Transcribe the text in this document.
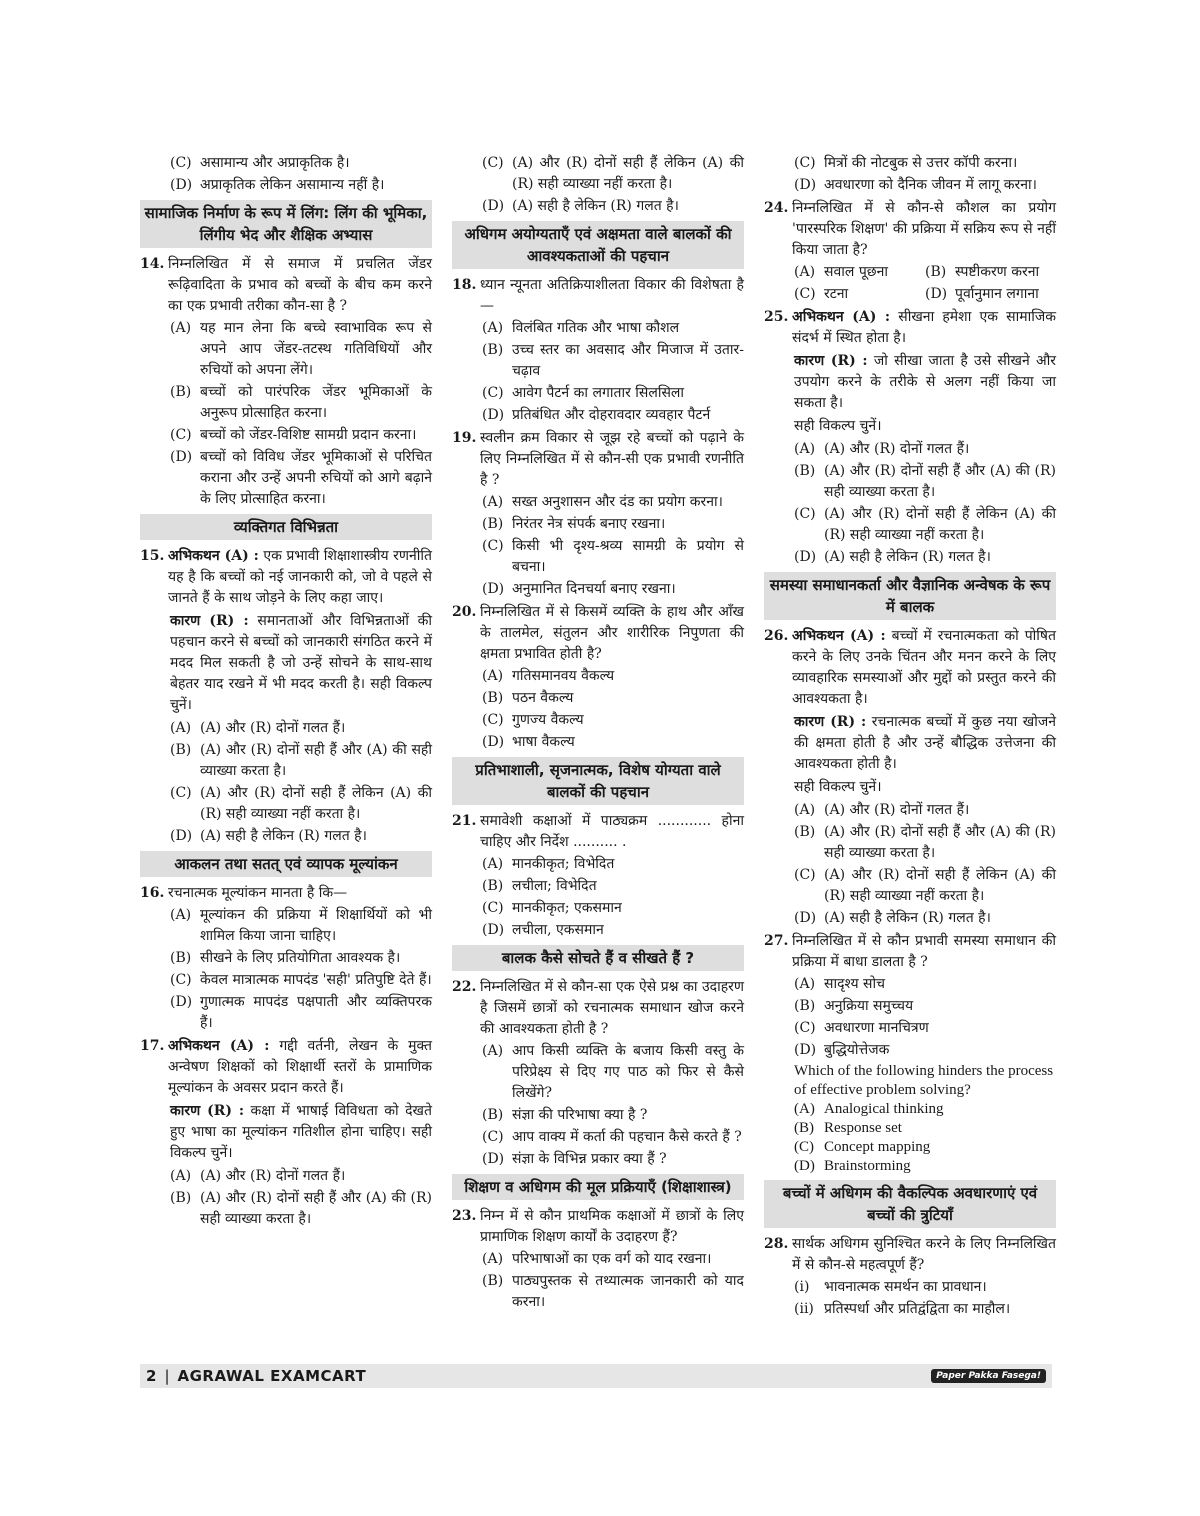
(C) असामान्य और अप्राकृतिक है।
(D) अप्राकृतिक लेकिन असामान्य नहीं है।
सामाजिक निर्माण के रूप में लिंग: लिंग की भूमिका, लिंगीय भेद और शैक्षिक अभ्यास
14. निम्नलिखित में से समाज में प्रचलित जेंडर रूढ़िवादिता के प्रभाव को बच्चों के बीच कम करने का एक प्रभावी तरीका कौन-सा है ?
(A) यह मान लेना कि बच्चे स्वाभाविक रूप से अपने आप जेंडर-तटस्थ गतिविधियों और रुचियों को अपना लेंगे।
(B) बच्चों को पारंपरिक जेंडर भूमिकाओं के अनुरूप प्रोत्साहित करना।
(C) बच्चों को जेंडर-विशिष्ट सामग्री प्रदान करना।
(D) बच्चों को विविध जेंडर भूमिकाओं से परिचित कराना और उन्हें अपनी रुचियों को आगे बढ़ाने के लिए प्रोत्साहित करना।
व्यक्तिगत विभिन्नता
15. अभिकथन (A) : एक प्रभावी शिक्षाशास्त्रीय रणनीति यह है कि बच्चों को नई जानकारी को, जो वे पहले से जानते हैं के साथ जोड़ने के लिए कहा जाए।
कारण (R) : समानताओं और विभिन्नताओं की पहचान करने से बच्चों को जानकारी संगठित करने में मदद मिल सकती है जो उन्हें सोचने के साथ-साथ बेहतर याद रखने में भी मदद करती है। सही विकल्प चुनें।
(A) (A) और (R) दोनों गलत हैं।
(B) (A) और (R) दोनों सही हैं और (A) की सही व्याख्या करता है।
(C) (A) और (R) दोनों सही हैं लेकिन (A) की (R) सही व्याख्या नहीं करता है।
(D) (A) सही है लेकिन (R) गलत है।
आकलन तथा सतत् एवं व्यापक मूल्यांकन
16. रचनात्मक मूल्यांकन मानता है कि—
(A) मूल्यांकन की प्रक्रिया में शिक्षार्थियों को भी शामिल किया जाना चाहिए।
(B) सीखने के लिए प्रतियोगिता आवश्यक है।
(C) केवल मात्रात्मक मापदंड 'सही' प्रतिपुष्टि देते हैं।
(D) गुणात्मक मापदंड पक्षपाती और व्यक्तिपरक हैं।
17. अभिकथन (A) : गद्दी वर्तनी, लेखन के मुक्त अन्वेषण शिक्षकों को शिक्षार्थी स्तरों के प्रामाणिक मूल्यांकन के अवसर प्रदान करते हैं।
कारण (R) : कक्षा में भाषाई विविधता को देखते हुए भाषा का मूल्यांकन गतिशील होना चाहिए। सही विकल्प चुनें।
(A) (A) और (R) दोनों गलत हैं।
(B) (A) और (R) दोनों सही हैं और (A) की (R) सही व्याख्या करता है।
(C) (A) और (R) दोनों सही हैं लेकिन (A) की (R) सही व्याख्या नहीं करता है।
(D) (A) सही है लेकिन (R) गलत है।
अधिगम अयोग्यताएँ एवं अक्षमता वाले बालकों की आवश्यकताओं की पहचान
18. ध्यान न्यूनता अतिक्रियाशीलता विकार की विशेषता है—
(A) विलंबित गतिक और भाषा कौशल
(B) उच्च स्तर का अवसाद और मिजाज में उतार-चढ़ाव
(C) आवेग पैटर्न का लगातार सिलसिला
(D) प्रतिबंधित और दोहरावदार व्यवहार पैटर्न
19. स्वलीन क्रम विकार से जूझ रहे बच्चों को पढ़ाने के लिए निम्नलिखित में से कौन-सी एक प्रभावी रणनीति है ?
(A) सख्त अनुशासन और दंड का प्रयोग करना।
(B) निरंतर नेत्र संपर्क बनाए रखना।
(C) किसी भी दृश्य-श्रव्य सामग्री के प्रयोग से बचना।
(D) अनुमानित दिनचर्या बनाए रखना।
20. निम्नलिखित में से किसमें व्यक्ति के हाथ और आँख के तालमेल, संतुलन और शारीरिक निपुणता की क्षमता प्रभावित होती है?
(A) गतिसमानवय वैकल्य
(B) पठन वैकल्य
(C) गुणज्य वैकल्य
(D) भाषा वैकल्य
प्रतिभाशाली, सृजनात्मक, विशेष योग्यता वाले बालकों की पहचान
21. समावेशी कक्षाओं में पाठ्यक्रम ............ होना चाहिए और निर्देश .......... .
(A) मानकीकृत; विभेदित
(B) लचीला; विभेदित
(C) मानकीकृत; एकसमान
(D) लचीला, एकसमान
बालक कैसे सोचते हैं व सीखते हैं ?
22. निम्नलिखित में से कौन-सा एक ऐसे प्रश्न का उदाहरण है जिसमें छात्रों को रचनात्मक समाधान खोज करने की आवश्यकता होती है ?
(A) आप किसी व्यक्ति के बजाय किसी वस्तु के परिप्रेक्ष्य से दिए गए पाठ को फिर से कैसे लिखेंगे?
(B) संज्ञा की परिभाषा क्या है ?
(C) आप वाक्य में कर्ता की पहचान कैसे करते हैं ?
(D) संज्ञा के विभिन्न प्रकार क्या हैं ?
शिक्षण व अधिगम की मूल प्रक्रियाएँ (शिक्षाशास्त्र)
23. निम्न में से कौन प्राथमिक कक्षाओं में छात्रों के लिए प्रामाणिक शिक्षण कार्यों के उदाहरण हैं?
(A) परिभाषाओं का एक वर्ग को याद रखना।
(B) पाठ्यपुस्तक से तथ्यात्मक जानकारी को याद करना।
(C) मित्रों की नोटबुक से उत्तर कॉपी करना।
(D) अवधारणा को दैनिक जीवन में लागू करना।
24. निम्नलिखित में से कौन-से कौशल का प्रयोग 'पारस्परिक शिक्षण' की प्रक्रिया में सक्रिय रूप से नहीं किया जाता है?
(A) सवाल पूछना	(B) स्पष्टीकरण करना
(C) रटना	(D) पूर्वानुमान लगाना
25. अभिकथन (A) : सीखना हमेशा एक सामाजिक संदर्भ में स्थित होता है।
कारण (R) : जो सीखा जाता है उसे सीखने और उपयोग करने के तरीके से अलग नहीं किया जा सकता है।
सही विकल्प चुनें।
(A) (A) और (R) दोनों गलत हैं।
(B) (A) और (R) दोनों सही हैं और (A) की (R) सही व्याख्या करता है।
(C) (A) और (R) दोनों सही हैं लेकिन (A) की (R) सही व्याख्या नहीं करता है।
(D) (A) सही है लेकिन (R) गलत है।
समस्या समाधानकर्ता और वैज्ञानिक अन्वेषक के रूप में बालक
26. अभिकथन (A) : बच्चों में रचनात्मकता को पोषित करने के लिए उनके चिंतन और मनन करने के लिए व्यावहारिक समस्याओं और मुद्दों को प्रस्तुत करने की आवश्यकता है।
कारण (R) : रचनात्मक बच्चों में कुछ नया खोजने की क्षमता होती है और उन्हें बौद्धिक उत्तेजना की आवश्यकता होती है।
सही विकल्प चुनें।
(A) (A) और (R) दोनों गलत हैं।
(B) (A) और (R) दोनों सही हैं और (A) की (R) सही व्याख्या करता है।
(C) (A) और (R) दोनों सही हैं लेकिन (A) की (R) सही व्याख्या नहीं करता है।
(D) (A) सही है लेकिन (R) गलत है।
27. निम्नलिखित में से कौन प्रभावी समस्या समाधान की प्रक्रिया में बाधा डालता है ?
(A) सादृश्य सोच
(B) अनुक्रिया समुच्चय
(C) अवधारणा मानचित्रण
(D) बुद्धियोत्तेजक
Which of the following hinders the process of effective problem solving?
(A) Analogical thinking
(B) Response set
(C) Concept mapping
(D) Brainstorming
बच्चों में अधिगम की वैकल्पिक अवधारणाएं एवं बच्चों की त्रुटियाँ
28. सार्थक अधिगम सुनिश्चित करने के लिए निम्नलिखित में से कौन-से महत्वपूर्ण हैं?
(i)	भावनात्मक समर्थन का प्रावधान।
(ii) प्रतिस्पर्धा और प्रतिद्वंद्विता का माहौल।
2 | AGRAWAL EXAMCART	Paper Pakka Fasega!
